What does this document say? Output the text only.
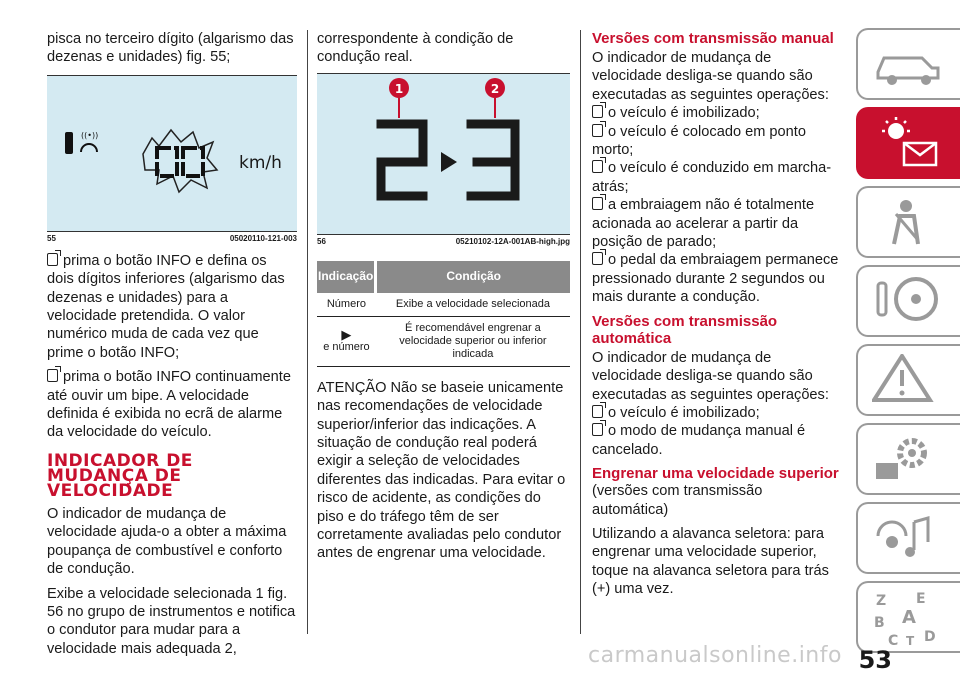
pisca no terceiro dígito (algarismo das dezenas e unidades) fig. 55;

((•))
km/h
55	05020110-121-003

prima o botão INFO e defina os dois dígitos inferiores (algarismo das dezenas e unidades) para a velocidade pretendida. O valor numérico muda de cada vez que prime o botão INFO;

prima o botão INFO continuamente até ouvir um bipe. A velocidade definida é exibida no ecrã de alarme da velocidade do veículo.

INDICADOR DE MUDANÇA DE VELOCIDADE

O indicador de mudança de velocidade ajuda-o a obter a máxima poupança de combustível e conforto de condução.

Exibe a velocidade selecionada 1 fig. 56 no grupo de instrumentos e notifica o condutor para mudar para a velocidade mais adequada 2,

correspondente à condição de condução real.

1	2
56	05210102-12A-001AB-high.jpg
Indicação	Condição
Número	Exibe a velocidade selecionada

▶
e número	É recomendável engrenar a velocidade superior ou inferior indicada

ATENÇÃO Não se baseie unicamente nas recomendações de velocidade superior/inferior das indicações. A situação de condução real poderá exigir a seleção de velocidades diferentes das indicadas. Para evitar o risco de acidente, as condições do piso e do tráfego têm de ser corretamente avaliadas pelo condutor antes de engrenar uma velocidade.

Versões com transmissão manual

O indicador de mudança de velocidade desliga-se quando são executadas as seguintes operações:

o veículo é imobilizado;
o veículo é colocado em ponto morto;
o veículo é conduzido em marcha-atrás;
a embraiagem não é totalmente acionada ao acelerar a partir da posição de parado;
o pedal da embraiagem permanece pressionado durante 2 segundos ou mais durante a condução.
Versões com transmissão automática

O indicador de mudança de velocidade desliga-se quando são executadas as seguintes operações:

o veículo é imobilizado;
o modo de mudança manual é cancelado.
Engrenar uma velocidade superior

(versões com transmissão automática)

Utilizando a alavanca seletora: para engrenar uma velocidade superior, toque na alavanca seletora para trás (+) uma vez.

Z E
A
B
C T D
53
carmanualsonline.info
